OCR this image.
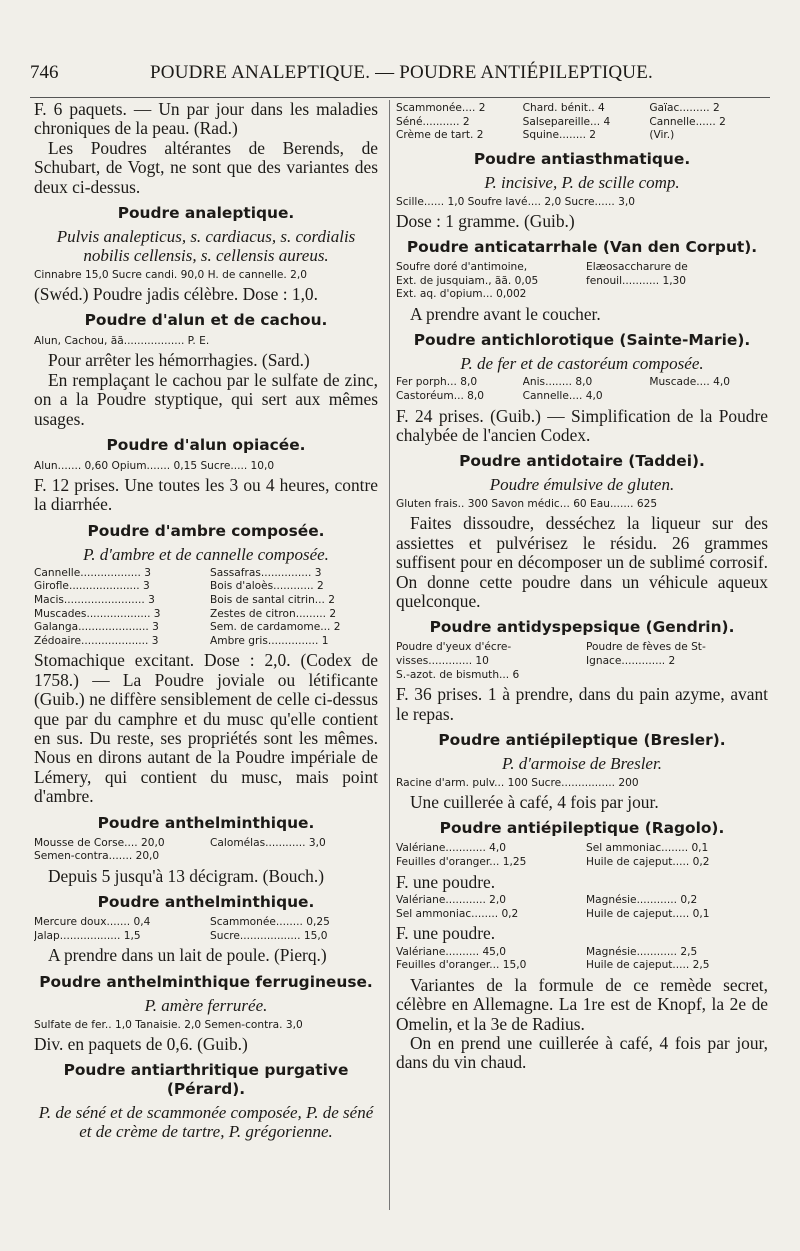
746	POUDRE ANALEPTIQUE. — POUDRE ANTIÉPILEPTIQUE.

F. 6 paquets. — Un par jour dans les maladies chroniques de la peau. (Rad.)

Les Poudres altérantes de Berends, de Schubart, de Vogt, ne sont que des variantes des deux ci-dessus.

Poudre analeptique.
Pulvis analepticus, s. cardiacus, s. cordialis nobilis cellensis, s. cellensis aureus.
Cinnabre 15,0 Sucre candi. 90,0 H. de cannelle. 2,0

(Swéd.) Poudre jadis célèbre. Dose : 1,0.

Poudre d'alun et de cachou.
Alun, Cachou, ãã.................. P. E.

Pour arrêter les hémorrhagies. (Sard.)

En remplaçant le cachou par le sulfate de zinc, on a la Poudre styptique, qui sert aux mêmes usages.

Poudre d'alun opiacée.
Alun....... 0,60 Opium....... 0,15 Sucre..... 10,0

F. 12 prises. Une toutes les 3 ou 4 heures, contre la diarrhée.

Poudre d'ambre composée.
P. d'ambre et de cannelle composée.
Cannelle.................. 3	Sassafras............... 3
Girofle..................... 3	Bois d'aloès............ 2
Macis........................ 3	Bois de santal citrin... 2
Muscades................... 3	Zestes de citron......... 2
Galanga..................... 3	Sem. de cardamome... 2
Zédoaire.................... 3	Ambre gris............... 1

Stomachique excitant. Dose : 2,0. (Codex de 1758.) — La Poudre joviale ou létificante (Guib.) ne diffère sensiblement de celle ci-dessus que par du camphre et du musc qu'elle contient en sus. Du reste, ses propriétés sont les mêmes. Nous en dirons autant de la Poudre impériale de Lémery, qui contient du musc, mais point d'ambre.

Poudre anthelminthique.
Mousse de Corse.... 20,0	Calomélas............ 3,0
Semen-contra....... 20,0

Depuis 5 jusqu'à 13 décigram. (Bouch.)

Poudre anthelminthique.
Mercure doux....... 0,4	Scammonée........ 0,25
Jalap.................. 1,5	Sucre.................. 15,0

A prendre dans un lait de poule. (Pierq.)

Poudre anthelminthique ferrugineuse.
P. amère ferrurée.
Sulfate de fer.. 1,0 Tanaisie. 2,0 Semen-contra. 3,0

Div. en paquets de 0,6. (Guib.)

Poudre antiarthritique purgative (Pérard).
P. de séné et de scammonée composée, P. de séné et de crème de tartre, P. grégorienne.
Scammonée.... 2	Chard. bénit.. 4	Gaïac......... 2
Séné........... 2	Salsepareille... 4	Cannelle...... 2
Crème de tart. 2	Squine........ 2	(Vir.)
Poudre antiasthmatique.
P. incisive, P. de scille comp.
Scille...... 1,0 Soufre lavé.... 2,0 Sucre...... 3,0

Dose : 1 gramme. (Guib.)

Poudre anticatarrhale (Van den Corput).
Soufre doré d'antimoine,	Elæosaccharure de
Ext. de jusquiam., ãã. 0,05	fenouil........... 1,30
Ext. aq. d'opium... 0,002

A prendre avant le coucher.

Poudre antichlorotique (Sainte-Marie).
P. de fer et de castoréum composée.
Fer porph... 8,0	Anis........ 8,0	Muscade.... 4,0
Castoréum... 8,0	Cannelle.... 4,0

F. 24 prises. (Guib.) — Simplification de la Poudre chalybée de l'ancien Codex.

Poudre antidotaire (Taddei).
Poudre émulsive de gluten.
Gluten frais.. 300 Savon médic... 60 Eau....... 625

Faites dissoudre, desséchez la liqueur sur des assiettes et pulvérisez le résidu. 26 grammes suffisent pour en décomposer un de sublimé corrosif. On donne cette poudre dans un véhicule aqueux quelconque.

Poudre antidyspepsique (Gendrin).
Poudre d'yeux d'écre-	Poudre de fèves de St-
visses............. 10	Ignace............. 2
S.-azot. de bismuth... 6

F. 36 prises. 1 à prendre, dans du pain azyme, avant le repas.

Poudre antiépileptique (Bresler).
P. d'armoise de Bresler.
Racine d'arm. pulv... 100 Sucre................ 200

Une cuillerée à café, 4 fois par jour.

Poudre antiépileptique (Ragolo).
Valériane............ 4,0	Sel ammoniac........ 0,1
Feuilles d'oranger... 1,25	Huile de cajeput..... 0,2

F. une poudre.

Valériane............ 2,0	Magnésie............ 0,2
Sel ammoniac........ 0,2	Huile de cajeput..... 0,1

F. une poudre.

Valériane.......... 45,0	Magnésie............ 2,5
Feuilles d'oranger... 15,0	Huile de cajeput..... 2,5

Variantes de la formule de ce remède secret, célèbre en Allemagne. La 1re est de Knopf, la 2e de Omelin, et la 3e de Radius.

On en prend une cuillerée à café, 4 fois par jour, dans du vin chaud.
